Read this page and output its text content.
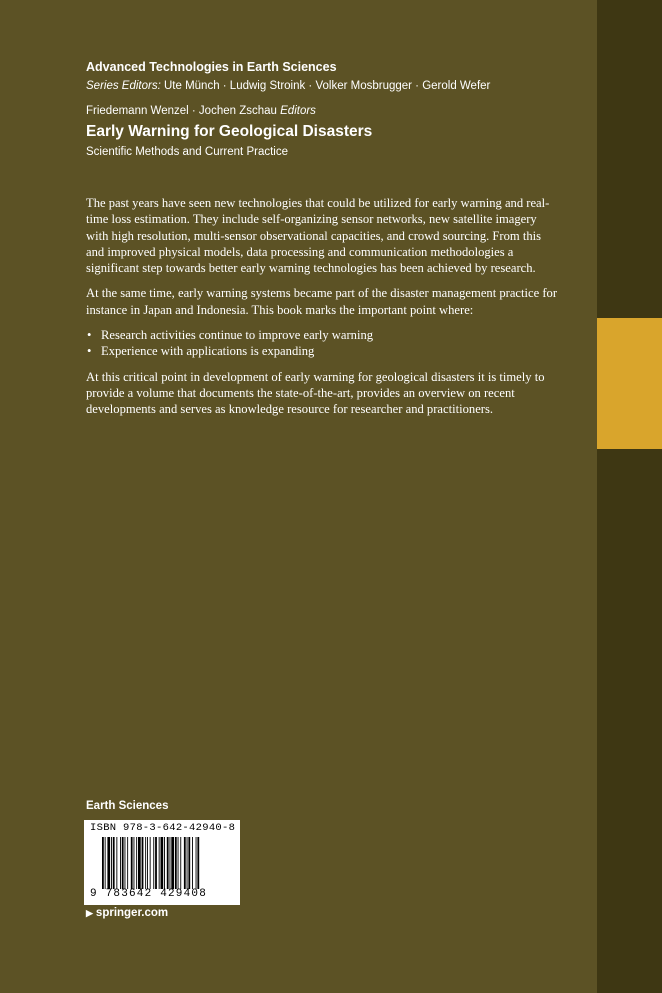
Advanced Technologies in Earth Sciences

Series Editors: Ute Münch · Ludwig Stroink · Volker Mosbrugger · Gerold Wefer

Friedemann Wenzel · Jochen Zschau Editors

Early Warning for Geological Disasters

Scientific Methods and Current Practice

The past years have seen new technologies that could be utilized for early warning and real-time loss estimation. They include self-organizing sensor networks, new satellite imagery with high resolution, multi-sensor observational capacities, and crowd sourcing. From this and improved physical models, data processing and communication methodologies a significant step towards better early warning technologies has been achieved by research.

At the same time, early warning systems became part of the disaster management practice for instance in Japan and Indonesia. This book marks the important point where:

• Research activities continue to improve early warning
• Experience with applications is expanding

At this critical point in development of early warning for geological disasters it is timely to provide a volume that documents the state-of-the-art, provides an overview on recent developments and serves as knowledge resource for researcher and practitioners.

Earth Sciences
ISBN 978-3-642-42940-8
9 783642 429408
▶ springer.com
